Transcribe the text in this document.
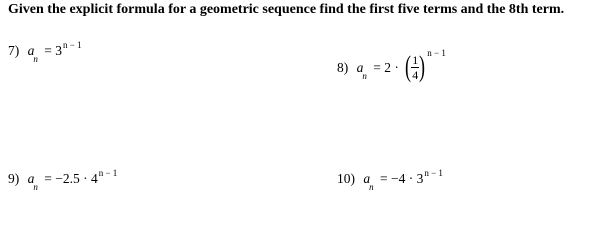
Given the explicit formula for a geometric sequence find the first five terms and the 8th term.
7) $a_n = 3^{n - 1}$
8) $a_n = 2$ · ( $\frac{1}{4}$ ) $^{n - 1}$
9) $a_n = -2.5 \cdot 4^{n - 1}$	10) $a_n = -4 \cdot 3^{n - 1}$
